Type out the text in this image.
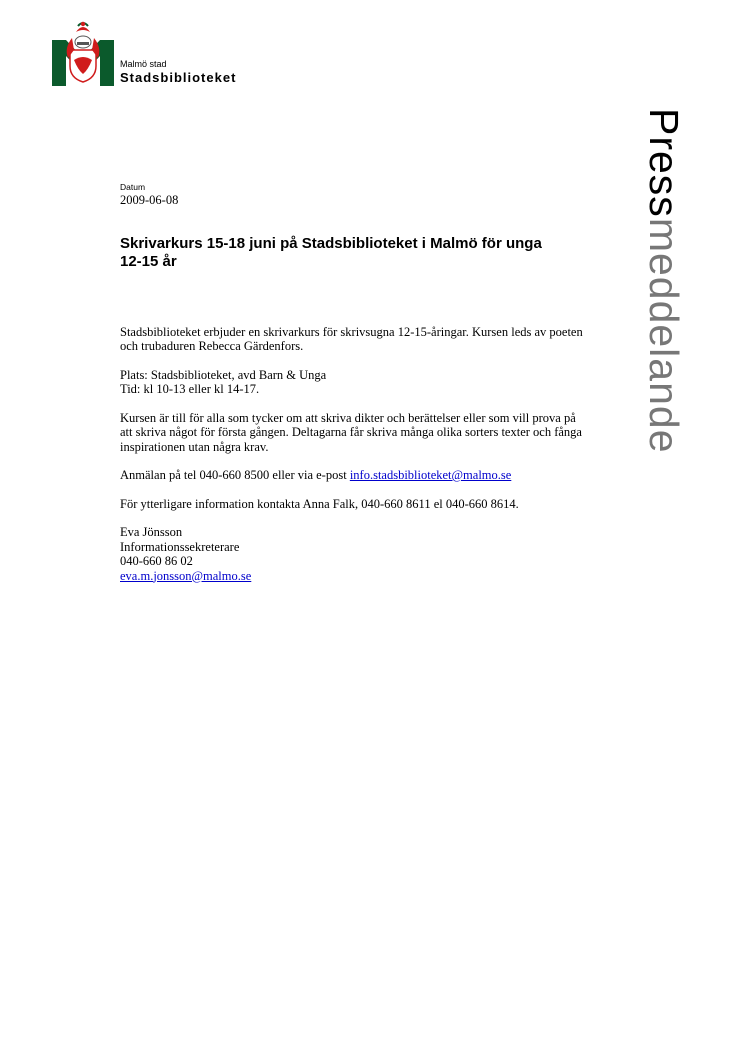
Malmö stad
Stadsbiblioteket
Pressmeddelande
Datum
2009-06-08
Skrivarkurs 15-18 juni på Stadsbiblioteket i Malmö för unga 12-15 år

Stadsbiblioteket erbjuder en skrivarkurs för skrivsugna 12-15-åringar. Kursen leds av poeten och trubaduren Rebecca Gärdenfors.

Plats: Stadsbiblioteket, avd Barn & Unga

Tid: kl 10-13 eller kl 14-17.

Kursen är till för alla som tycker om att skriva dikter och berättelser eller som vill prova på att skriva något för första gången. Deltagarna får skriva många olika sorters texter och fånga inspirationen utan några krav.

Anmälan på tel 040-660 8500 eller via e-post info.stadsbiblioteket@malmo.se

För ytterligare information kontakta Anna Falk, 040-660 8611 el 040-660 8614.

Eva Jönsson

Informationssekreterare

040-660 86 02

eva.m.jonsson@malmo.se
